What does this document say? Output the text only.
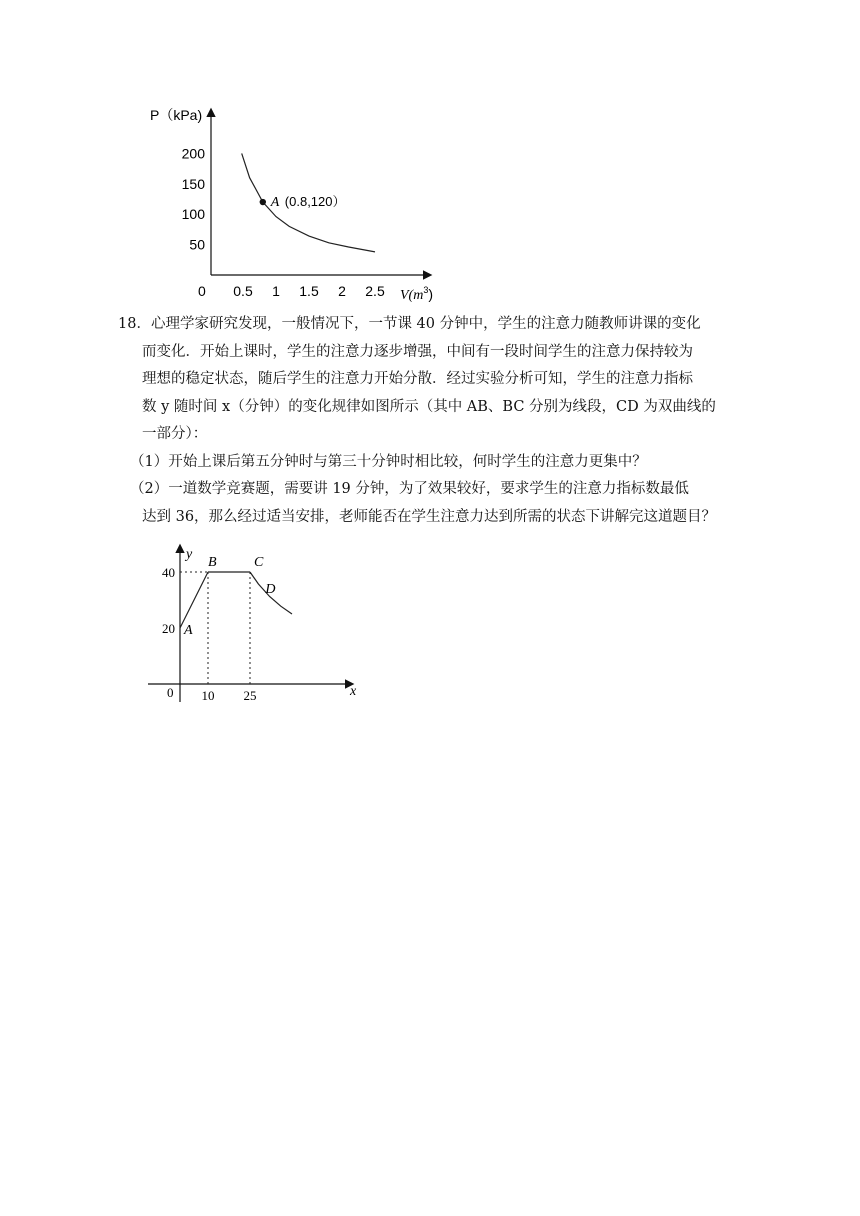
P（kPa)
0
200
150
100
50
0.5 1 1.5 2 2.5 $V(m^3)$
A (0.8,120）
18．心理学家研究发现，一般情况下，一节课 40 分钟中，学生的注意力随教师讲课的变化
而变化．开始上课时，学生的注意力逐步增强，中间有一段时间学生的注意力保持较为
理想的稳定状态，随后学生的注意力开始分散．经过实验分析可知，学生的注意力指标
数 y 随时间 x（分钟）的变化规律如图所示（其中 AB、BC 分别为线段，CD 为双曲线的
一部分）：
（1）开始上课后第五分钟时与第三十分钟时相比较，何时学生的注意力更集中？
（2）一道数学竞赛题，需要讲 19 分钟，为了效果较好，要求学生的注意力指标数最低
达到 36，那么经过适当安排，老师能否在学生注意力达到所需的状态下讲解完这道题目？
y
x
0
40
20
10 25
A
B	C
D
